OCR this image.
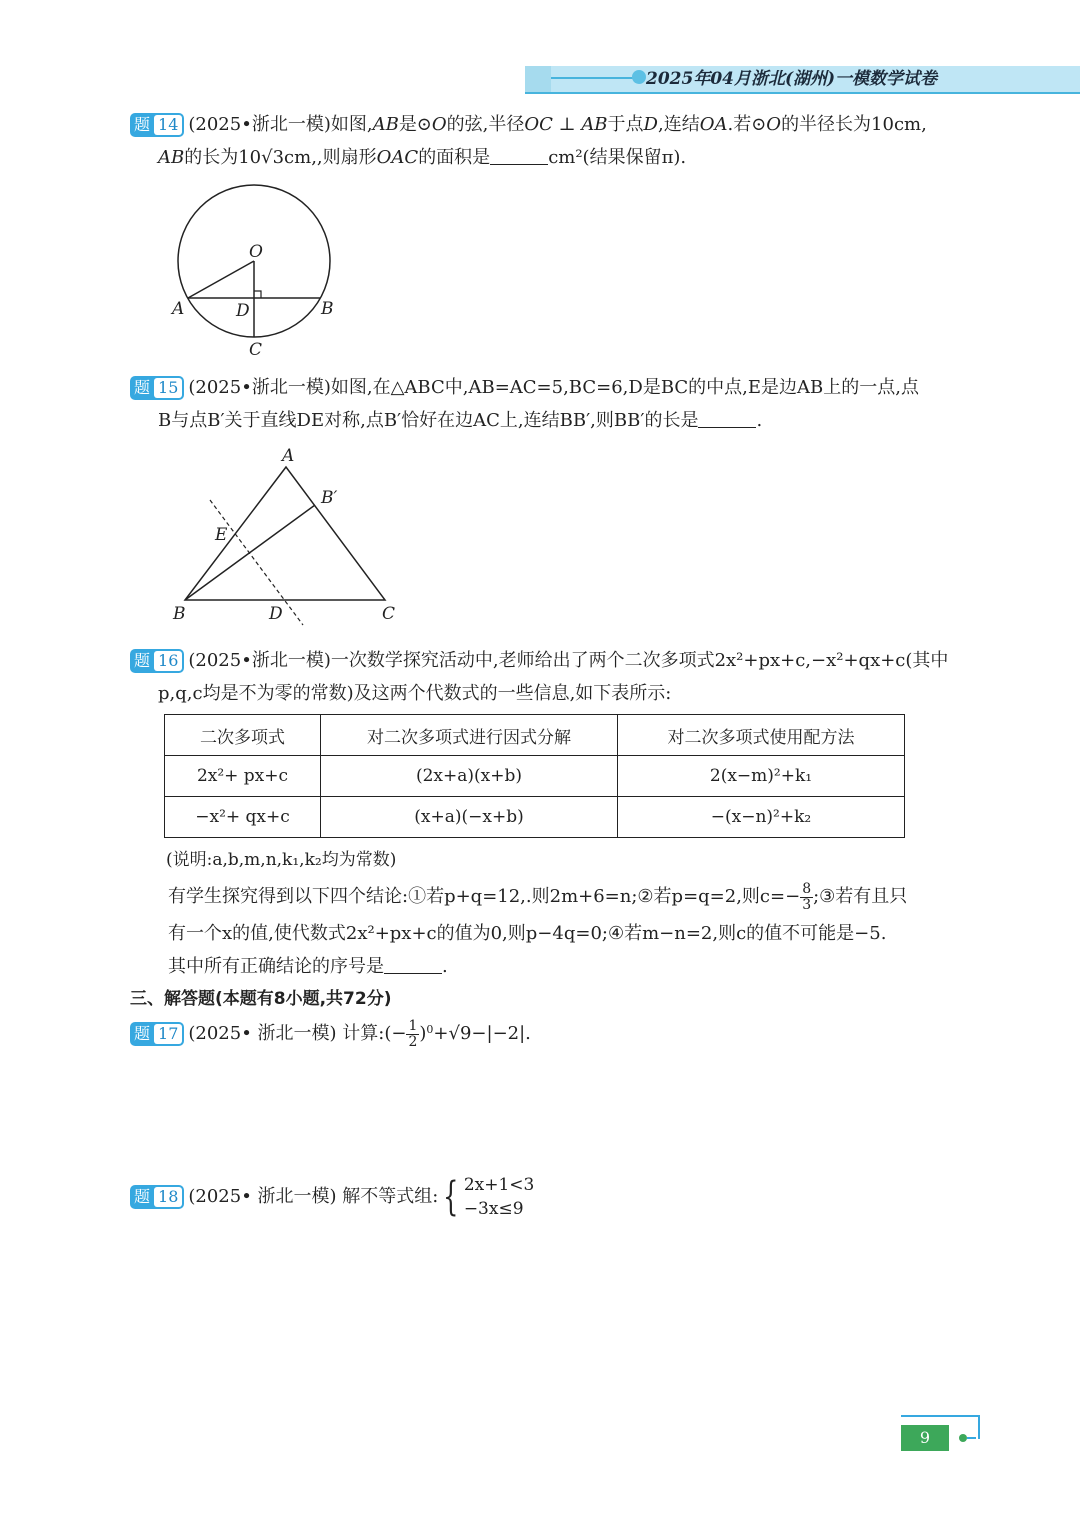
2025年04月浙北(湖州)一模数学试卷
题 14 (2025•浙北一模)如图,AB是⊙O的弦,半径OC ⊥ AB于点D,连结OA.若⊙O的半径长为10cm,
AB的长为10√3cm,,则扇形OAC的面积是	cm²(结果保留π).
O
A	D	B
C
题 15 (2025•浙北一模)如图,在△ABC中,AB=AC=5,BC=6,D是BC的中点,E是边AB上的一点,点
B与点B′关于直线DE对称,点B′恰好在边AC上,连结BB′,则BB′的长是	.
A
B′
E
B	D	C
题 16 (2025•浙北一模)一次数学探究活动中,老师给出了两个二次多项式2x²+px+c,−x²+qx+c(其中
p,q,c均是不为零的常数)及这两个代数式的一些信息,如下表所示:
二次多项式	对二次多项式进行因式分解	对二次多项式使用配方法
2x²+ px+c	(2x+a)(x+b)	2(x−m)²+k₁
−x²+ qx+c	(x+a)(−x+b)	−(x−n)²+k₂
(说明:a,b,m,n,k₁,k₂均为常数)
有学生探究得到以下四个结论:①若p+q=12,.则2m+6=n;②若p=q=2,则$c=- \frac{8}{3}$ ;③若有且只
有一个x的值,使代数式2x²+px+c的值为0,则p−4q=0;④若m−n=2,则c的值不可能是−5.
其中所有正确结论的序号是	.
三、解答题(本题有8小题,共72分)
题 17 (2025• 浙北一模) 计算:(− $\frac{1}{2} )^0+√9-|-2|$.
题 18 (2025• 浙北一模) 解不等式组: { 2x+1<3
−3x≤9
9
